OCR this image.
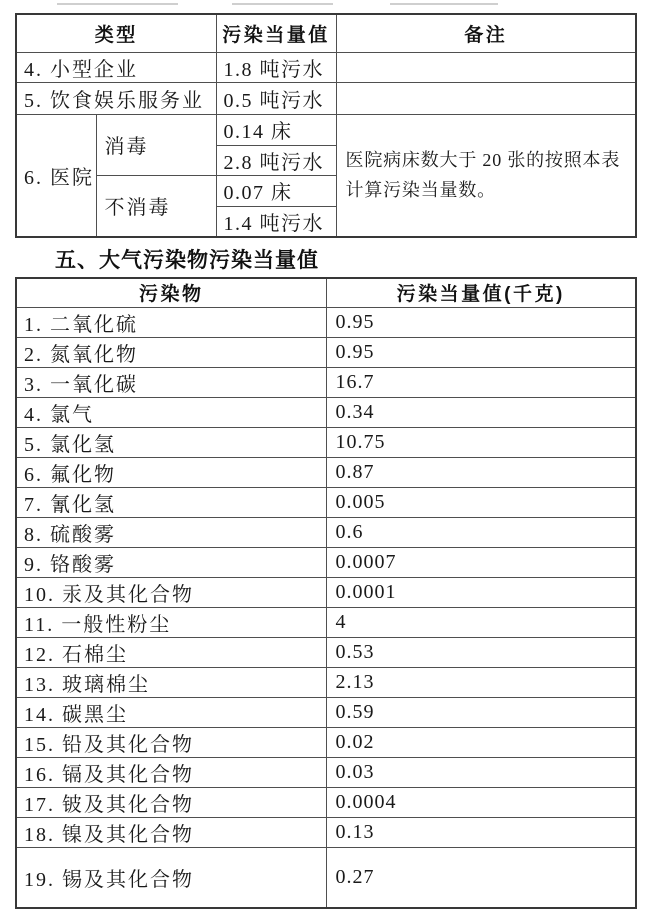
类型		污染当量值	备注
4. 小型企业		1.8 吨污水	
5. 饮食娱乐服务业		0.5 吨污水	
6. 医院	消毒	0.14 床	医院病床数大于 20 张的按照本表计算污染当量数。
		2.8 吨污水	
	不消毒	0.07 床	
		1.4 吨污水	
五、大气污染物污染当量值
污染物	污染当量值(千克)
1. 二氧化硫	0.95
2. 氮氧化物	0.95
3. 一氧化碳	16.7
4. 氯气	0.34
5. 氯化氢	10.75
6. 氟化物	0.87
7. 氰化氢	0.005
8. 硫酸雾	0.6
9. 铬酸雾	0.0007
10. 汞及其化合物	0.0001
11. 一般性粉尘	4
12. 石棉尘	0.53
13. 玻璃棉尘	2.13
14. 碳黑尘	0.59
15. 铅及其化合物	0.02
16. 镉及其化合物	0.03
17. 铍及其化合物	0.0004
18. 镍及其化合物	0.13
19. 锡及其化合物	0.27
